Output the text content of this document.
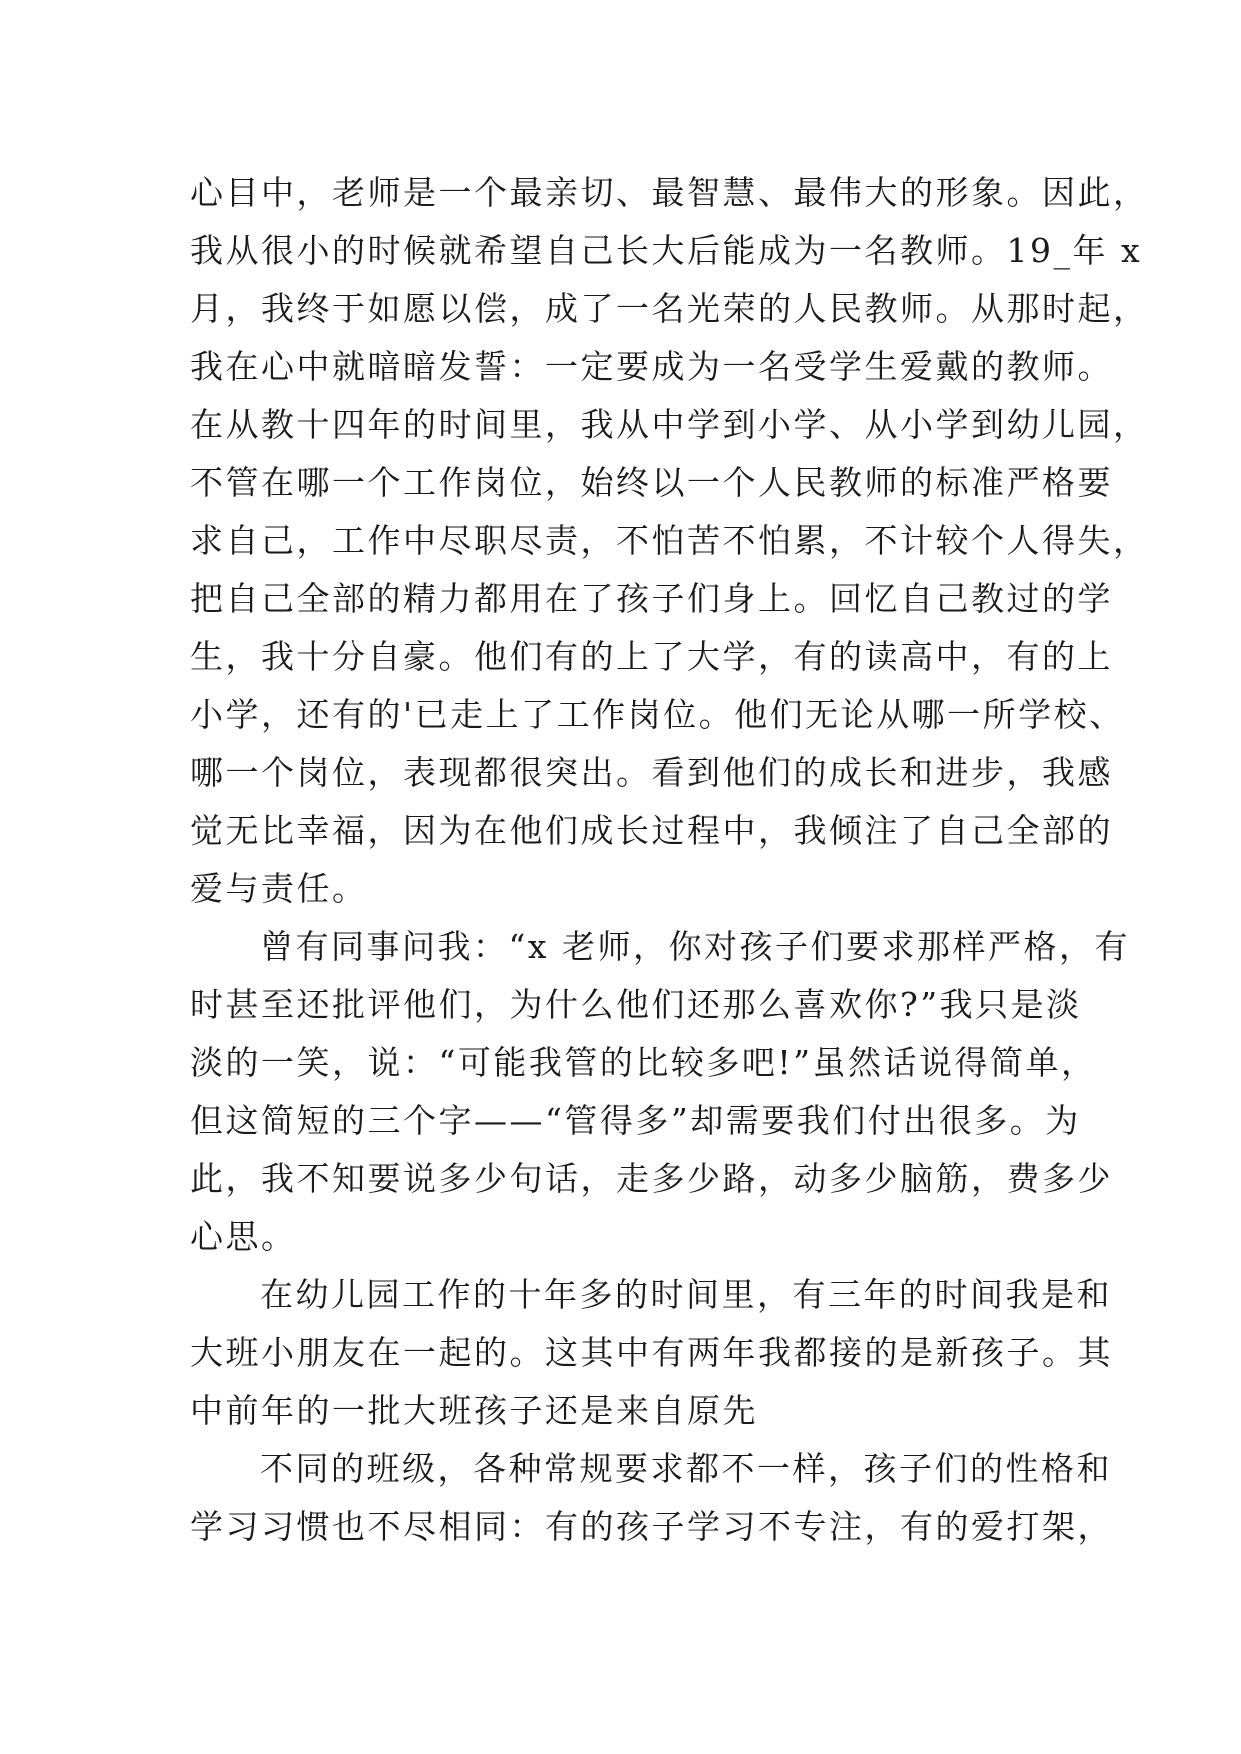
心目中，老师是一个最亲切、最智慧、最伟大的形象。因此，
我从很小的时候就希望自己长大后能成为一名教师。19_年 x
月，我终于如愿以偿，成了一名光荣的人民教师。从那时起，
我在心中就暗暗发誓：一定要成为一名受学生爱戴的教师。
在从教十四年的时间里，我从中学到小学、从小学到幼儿园，
不管在哪一个工作岗位，始终以一个人民教师的标准严格要
求自己，工作中尽职尽责，不怕苦不怕累，不计较个人得失，
把自己全部的精力都用在了孩子们身上。回忆自己教过的学
生，我十分自豪。他们有的上了大学，有的读高中，有的上
小学，还有的'已走上了工作岗位。他们无论从哪一所学校、
哪一个岗位，表现都很突出。看到他们的成长和进步，我感
觉无比幸福，因为在他们成长过程中，我倾注了自己全部的
爱与责任。
曾有同事问我：“x 老师，你对孩子们要求那样严格，有
时甚至还批评他们，为什么他们还那么喜欢你?”我只是淡
淡的一笑，说：“可能我管的比较多吧!”虽然话说得简单，
但这简短的三个字——“管得多”却需要我们付出很多。为
此，我不知要说多少句话，走多少路，动多少脑筋，费多少
心思。
在幼儿园工作的十年多的时间里，有三年的时间我是和
大班小朋友在一起的。这其中有两年我都接的是新孩子。其
中前年的一批大班孩子还是来自原先
不同的班级，各种常规要求都不一样，孩子们的性格和
学习习惯也不尽相同：有的孩子学习不专注，有的爱打架，
